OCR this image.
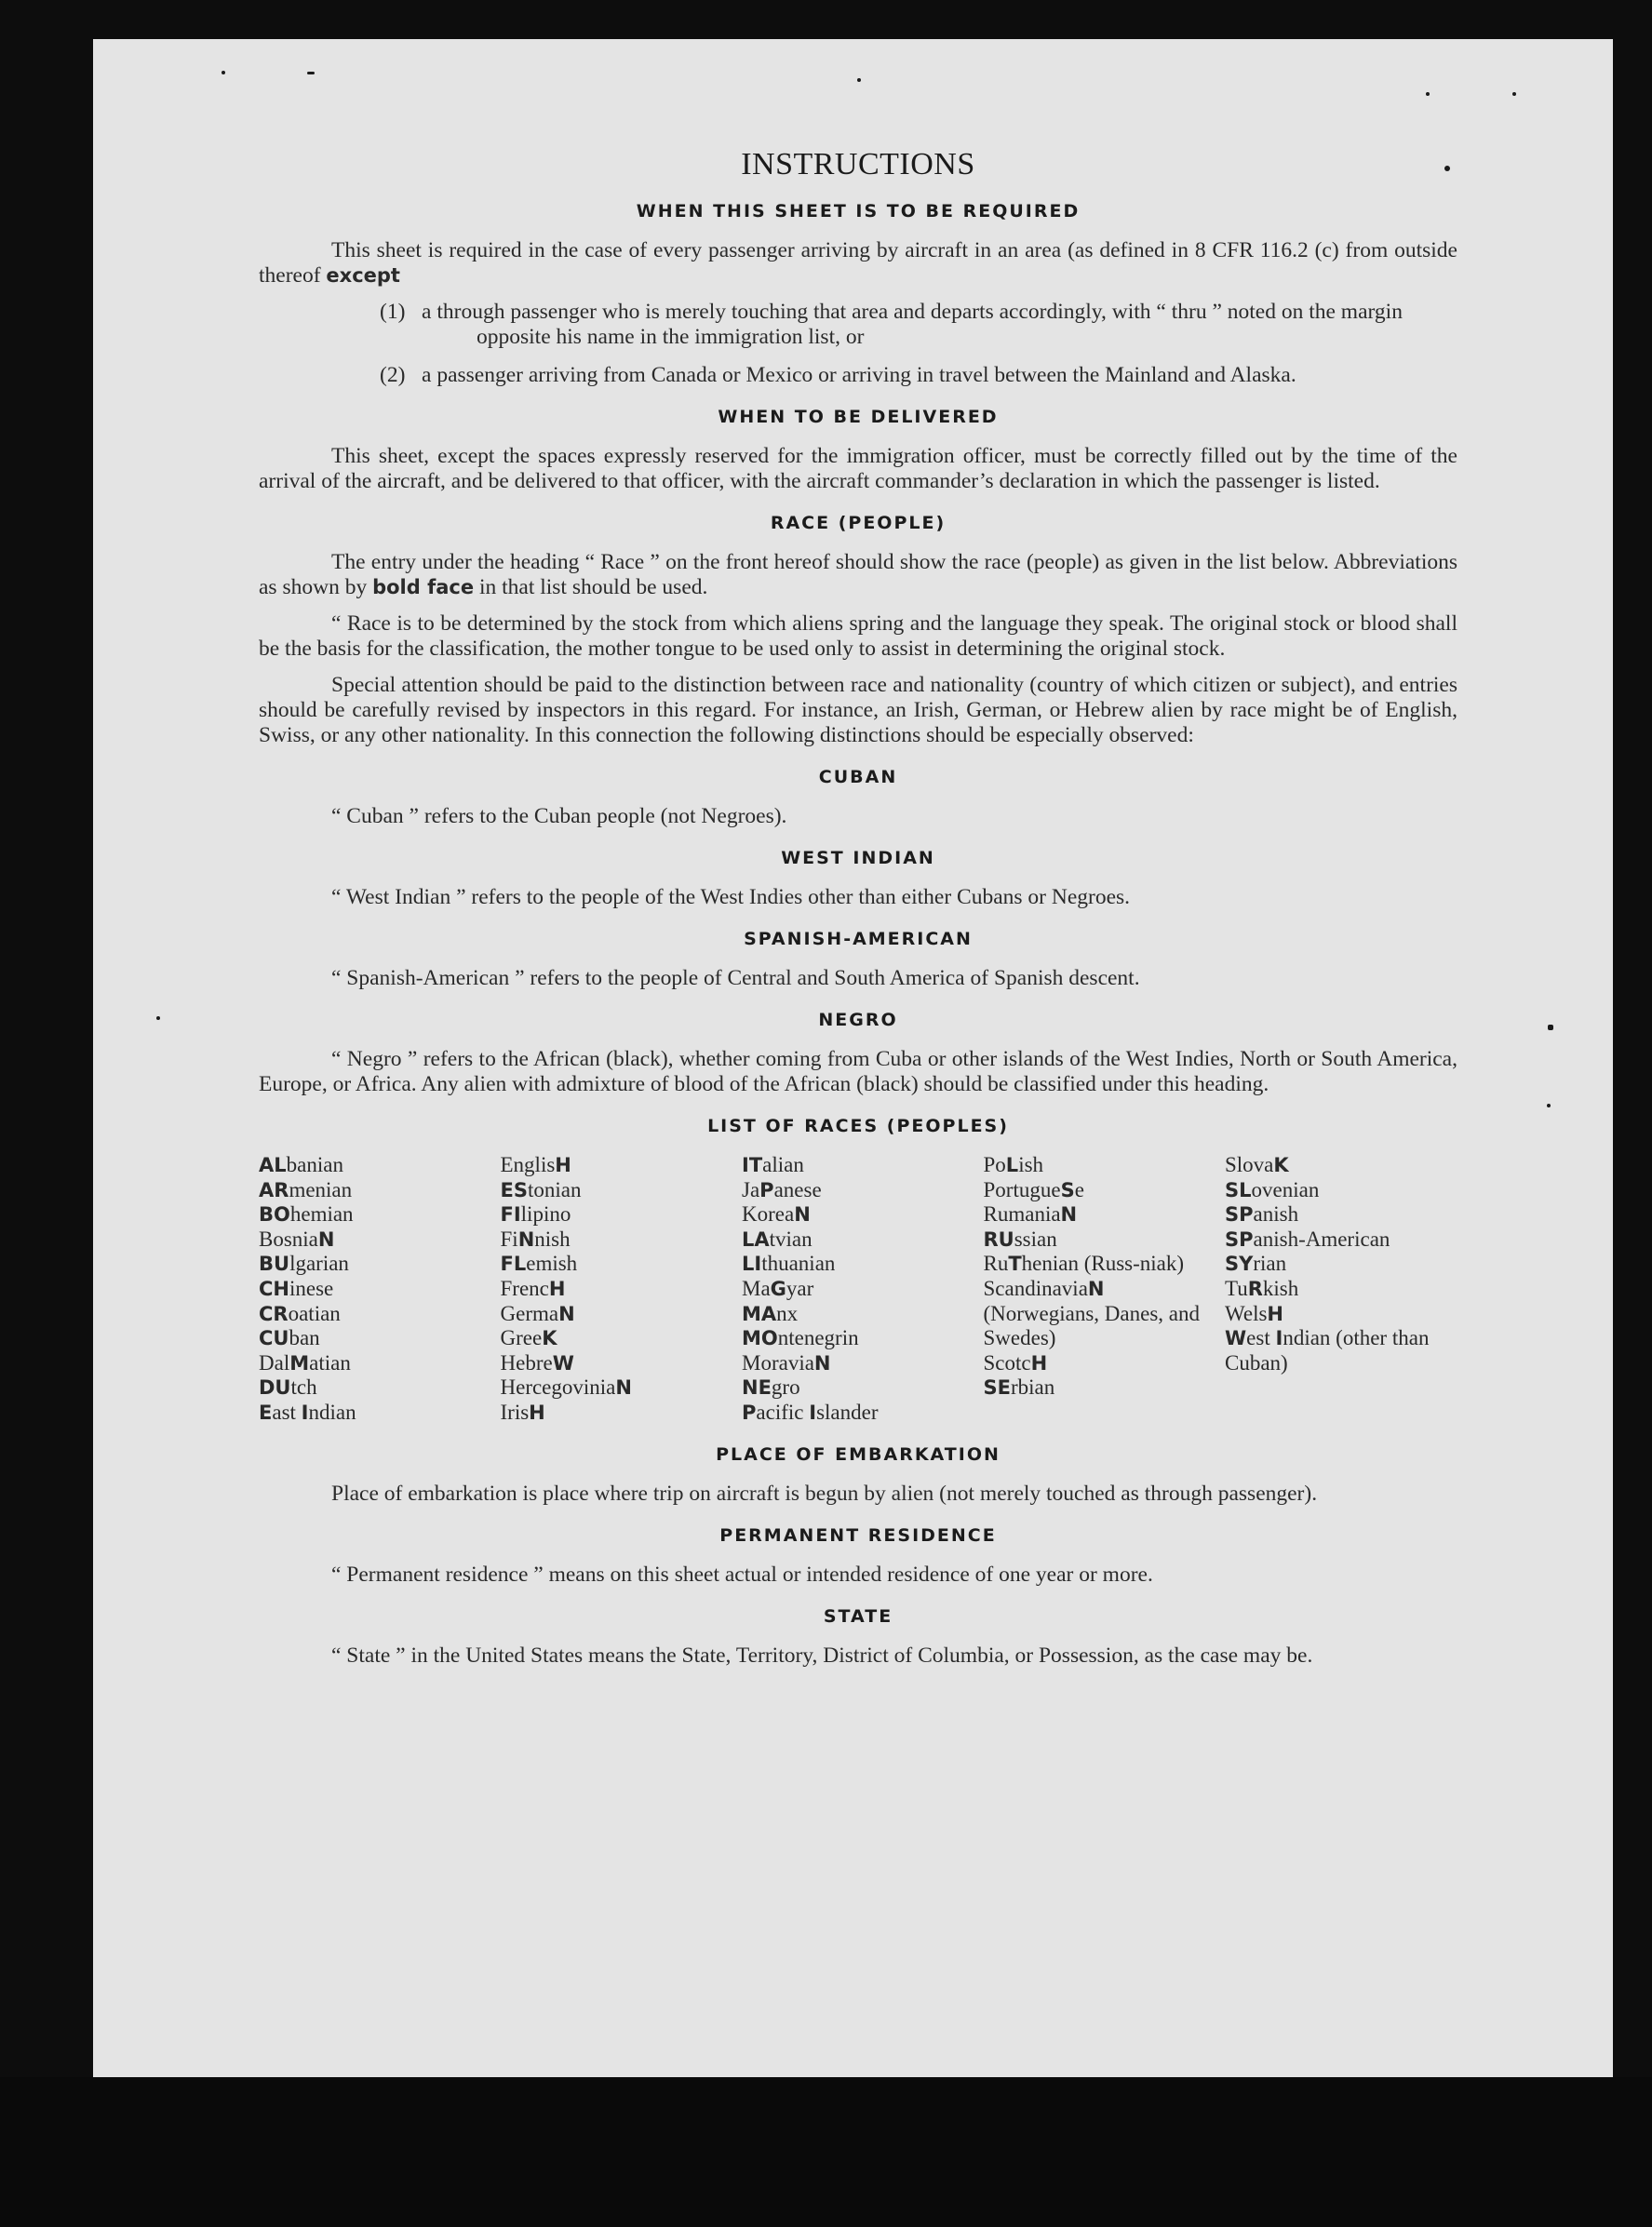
INSTRUCTIONS
WHEN THIS SHEET IS TO BE REQUIRED
This sheet is required in the case of every passenger arriving by aircraft in an area (as defined in 8 CFR 116.2 (c) from outside thereof except
(1) a through passenger who is merely touching that area and departs accordingly, with “ thru ” noted on the margin opposite his name in the immigration list, or
(2) a passenger arriving from Canada or Mexico or arriving in travel between the Mainland and Alaska.
WHEN TO BE DELIVERED
This sheet, except the spaces expressly reserved for the immigration officer, must be correctly filled out by the time of the arrival of the aircraft, and be delivered to that officer, with the aircraft commander’s declaration in which the passenger is listed.
RACE (PEOPLE)
The entry under the heading “ Race ” on the front hereof should show the race (people) as given in the list below. Abbreviations as shown by bold face in that list should be used.
“ Race is to be determined by the stock from which aliens spring and the language they speak. The original stock or blood shall be the basis for the classification, the mother tongue to be used only to assist in determining the original stock.
Special attention should be paid to the distinction between race and nationality (country of which citizen or subject), and entries should be carefully revised by inspectors in this regard. For instance, an Irish, German, or Hebrew alien by race might be of English, Swiss, or any other nationality. In this connection the following distinctions should be especially observed:
CUBAN
“ Cuban ” refers to the Cuban people (not Negroes).
WEST INDIAN
“ West Indian ” refers to the people of the West Indies other than either Cubans or Negroes.
SPANISH-AMERICAN
“ Spanish-American ” refers to the people of Central and South America of Spanish descent.
NEGRO
“ Negro ” refers to the African (black), whether coming from Cuba or other islands of the West Indies, North or South America, Europe, or Africa. Any alien with admixture of blood of the African (black) should be classified under this heading.
LIST OF RACES (PEOPLES)
ALbanian
ARmenian
BOhemian
BosniaN
BUlgarian
CHinese
CRoatian
CUban
DalMatian
DUtch
East Indian
EnglisH
EStonian
FIlipino
FiNnish
FLemish
FrencH
GermaN
GreeK
HebreW
HercegoviniaN
IrisH
ITalian
JaPanese
KoreaN
LAtvian
LIthuanian
MaGyar
MAnx
MOntenegrin
MoraviaN
NEgro
Pacific Islander
PoLish
PortugueSe
RumaniaN
RUssian
RuThenian (Russ-niak)
ScandinaviaN (Norwegians, Danes, and Swedes)
ScotcH
SErbian
SlovaK
SLovenian
SPanish
SPanish-American
SYrian
TuRkish
WelsH
West Indian (other than Cuban)
PLACE OF EMBARKATION
Place of embarkation is place where trip on aircraft is begun by alien (not merely touched as through passenger).
PERMANENT RESIDENCE
“ Permanent residence ” means on this sheet actual or intended residence of one year or more.
STATE
“ State ” in the United States means the State, Territory, District of Columbia, or Possession, as the case may be.
